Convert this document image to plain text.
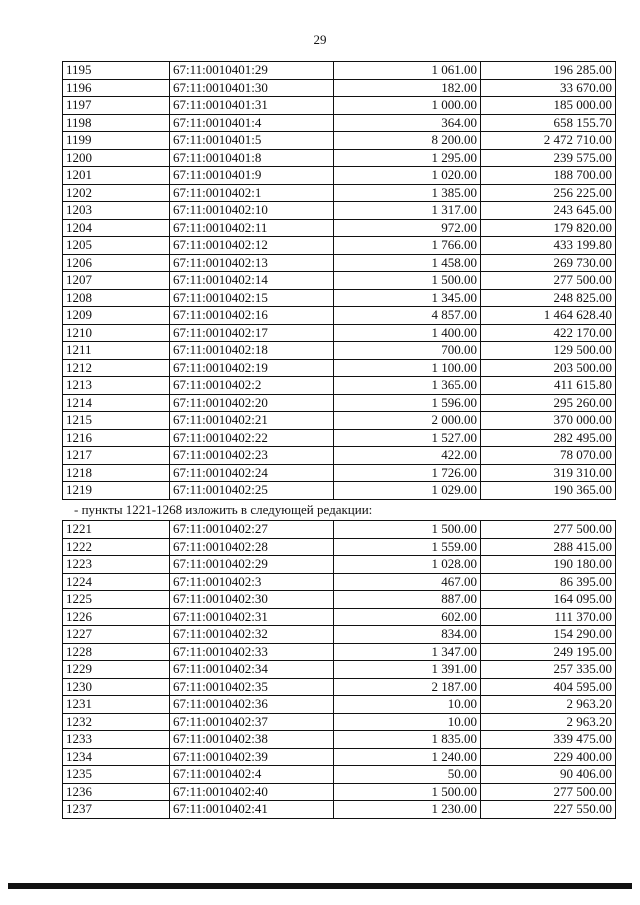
29
1195	67:11:0010401:29	1 061.00	196 285.00
1196	67:11:0010401:30	182.00	33 670.00
1197	67:11:0010401:31	1 000.00	185 000.00
1198	67:11:0010401:4	364.00	658 155.70
1199	67:11:0010401:5	8 200.00	2 472 710.00
1200	67:11:0010401:8	1 295.00	239 575.00
1201	67:11:0010401:9	1 020.00	188 700.00
1202	67:11:0010402:1	1 385.00	256 225.00
1203	67:11:0010402:10	1 317.00	243 645.00
1204	67:11:0010402:11	972.00	179 820.00
1205	67:11:0010402:12	1 766.00	433 199.80
1206	67:11:0010402:13	1 458.00	269 730.00
1207	67:11:0010402:14	1 500.00	277 500.00
1208	67:11:0010402:15	1 345.00	248 825.00
1209	67:11:0010402:16	4 857.00	1 464 628.40
1210	67:11:0010402:17	1 400.00	422 170.00
1211	67:11:0010402:18	700.00	129 500.00
1212	67:11:0010402:19	1 100.00	203 500.00
1213	67:11:0010402:2	1 365.00	411 615.80
1214	67:11:0010402:20	1 596.00	295 260.00
1215	67:11:0010402:21	2 000.00	370 000.00
1216	67:11:0010402:22	1 527.00	282 495.00
1217	67:11:0010402:23	422.00	78 070.00
1218	67:11:0010402:24	1 726.00	319 310.00
1219	67:11:0010402:25	1 029.00	190 365.00
- пункты 1221-1268 изложить в следующей редакции:
1221	67:11:0010402:27	1 500.00	277 500.00
1222	67:11:0010402:28	1 559.00	288 415.00
1223	67:11:0010402:29	1 028.00	190 180.00
1224	67:11:0010402:3	467.00	86 395.00
1225	67:11:0010402:30	887.00	164 095.00
1226	67:11:0010402:31	602.00	111 370.00
1227	67:11:0010402:32	834.00	154 290.00
1228	67:11:0010402:33	1 347.00	249 195.00
1229	67:11:0010402:34	1 391.00	257 335.00
1230	67:11:0010402:35	2 187.00	404 595.00
1231	67:11:0010402:36	10.00	2 963.20
1232	67:11:0010402:37	10.00	2 963.20
1233	67:11:0010402:38	1 835.00	339 475.00
1234	67:11:0010402:39	1 240.00	229 400.00
1235	67:11:0010402:4	50.00	90 406.00
1236	67:11:0010402:40	1 500.00	277 500.00
1237	67:11:0010402:41	1 230.00	227 550.00
